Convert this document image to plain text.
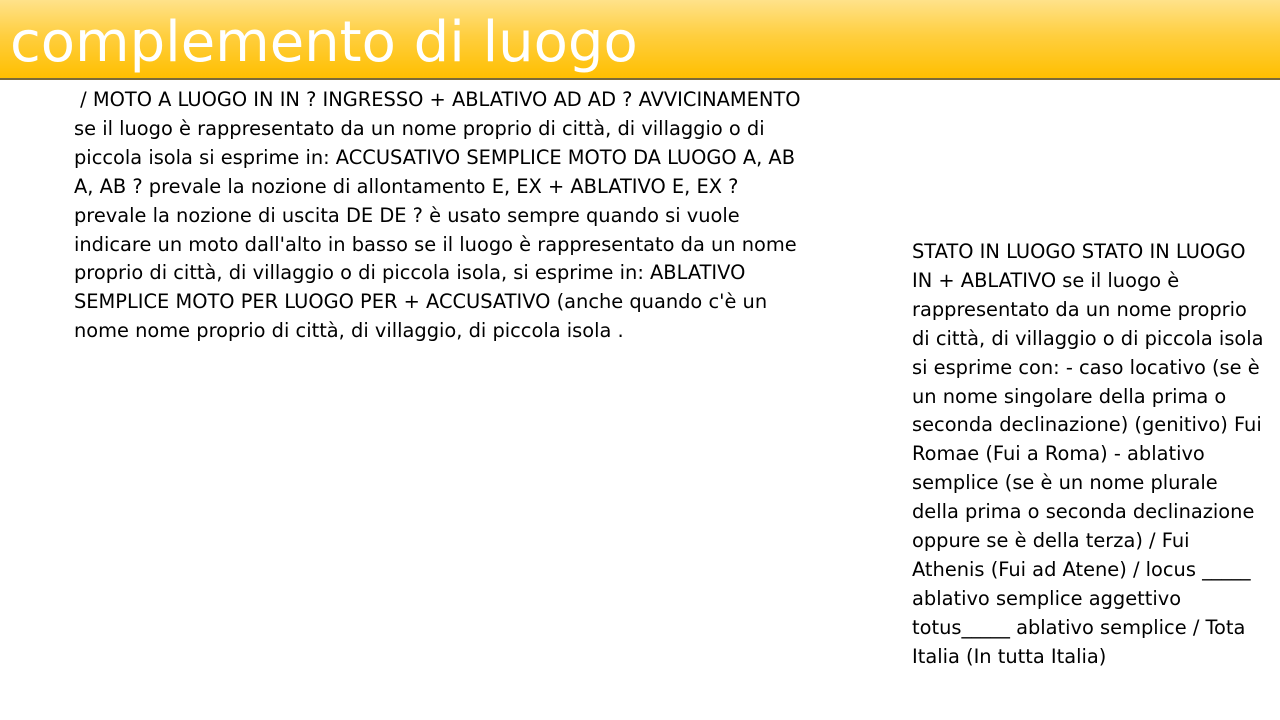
complemento di luogo

/ MOTO A LUOGO IN IN ? INGRESSO + ABLATIVO AD AD ? AVVICINAMENTO se il luogo è rappresentato da un nome proprio di città, di villaggio o di piccola isola si esprime in: ACCUSATIVO SEMPLICE MOTO DA LUOGO A, AB A, AB ? prevale la nozione di allontamento E, EX + ABLATIVO E, EX ? prevale la nozione di uscita DE DE ? è usato sempre quando si vuole indicare un moto dall'alto in basso se il luogo è rappresentato da un nome proprio di città, di villaggio o di piccola isola, si esprime in: ABLATIVO SEMPLICE MOTO PER LUOGO PER + ACCUSATIVO (anche quando c'è un nome nome proprio di città, di villaggio, di piccola isola .

STATO IN LUOGO STATO IN LUOGO IN + ABLATIVO se il luogo è rappresentato da un nome proprio di città, di villaggio o di piccola isola si esprime con: - caso locativo (se è un nome singolare della prima o seconda declinazione) (genitivo) Fui Romae (Fui a Roma) - ablativo semplice (se è un nome plurale della prima o seconda declinazione oppure se è della terza) / Fui Athenis (Fui ad Atene) / locus _____ ablativo semplice aggettivo totus_____ ablativo semplice / Tota Italia (In tutta Italia)
